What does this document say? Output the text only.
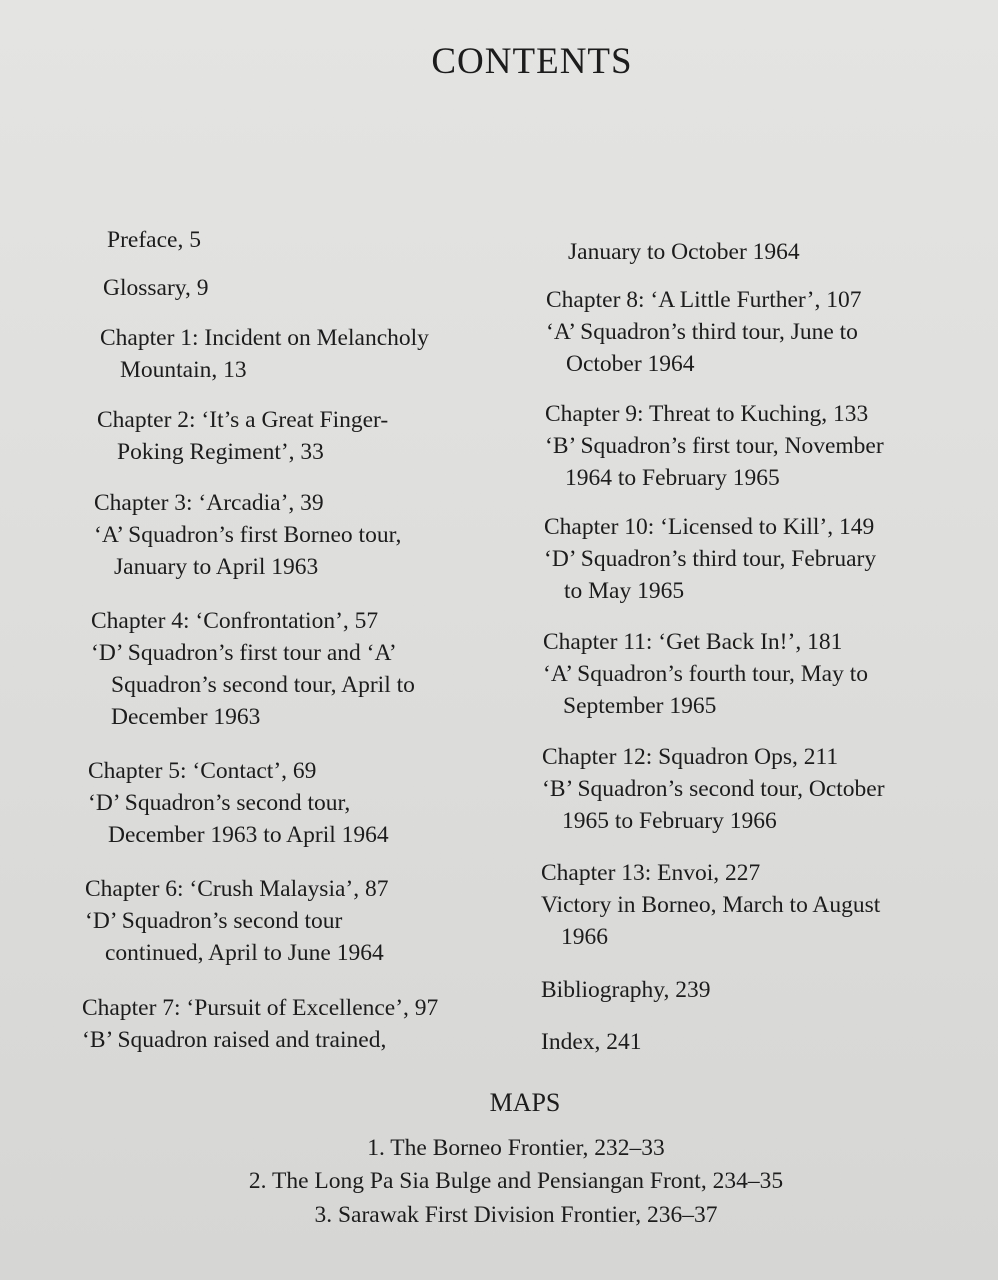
CONTENTS
Preface, 5
Glossary, 9
Chapter 1: Incident on Melancholy
Mountain, 13
Chapter 2: ‘It’s a Great Finger-
Poking Regiment’, 33
Chapter 3: ‘Arcadia’, 39
‘A’ Squadron’s first Borneo tour,
January to April 1963
Chapter 4: ‘Confrontation’, 57
‘D’ Squadron’s first tour and ‘A’
Squadron’s second tour, April to
December 1963
Chapter 5: ‘Contact’, 69
‘D’ Squadron’s second tour,
December 1963 to April 1964
Chapter 6: ‘Crush Malaysia’, 87
‘D’ Squadron’s second tour
continued, April to June 1964
Chapter 7: ‘Pursuit of Excellence’, 97
‘B’ Squadron raised and trained,
January to October 1964
Chapter 8: ‘A Little Further’, 107
‘A’ Squadron’s third tour, June to
October 1964
Chapter 9: Threat to Kuching, 133
‘B’ Squadron’s first tour, November
1964 to February 1965
Chapter 10: ‘Licensed to Kill’, 149
‘D’ Squadron’s third tour, February
to May 1965
Chapter 11: ‘Get Back In!’, 181
‘A’ Squadron’s fourth tour, May to
September 1965
Chapter 12: Squadron Ops, 211
‘B’ Squadron’s second tour, October
1965 to February 1966
Chapter 13: Envoi, 227
Victory in Borneo, March to August
1966
Bibliography, 239
Index, 241
MAPS
1. The Borneo Frontier, 232–33
2. The Long Pa Sia Bulge and Pensiangan Front, 234–35
3. Sarawak First Division Frontier, 236–37
